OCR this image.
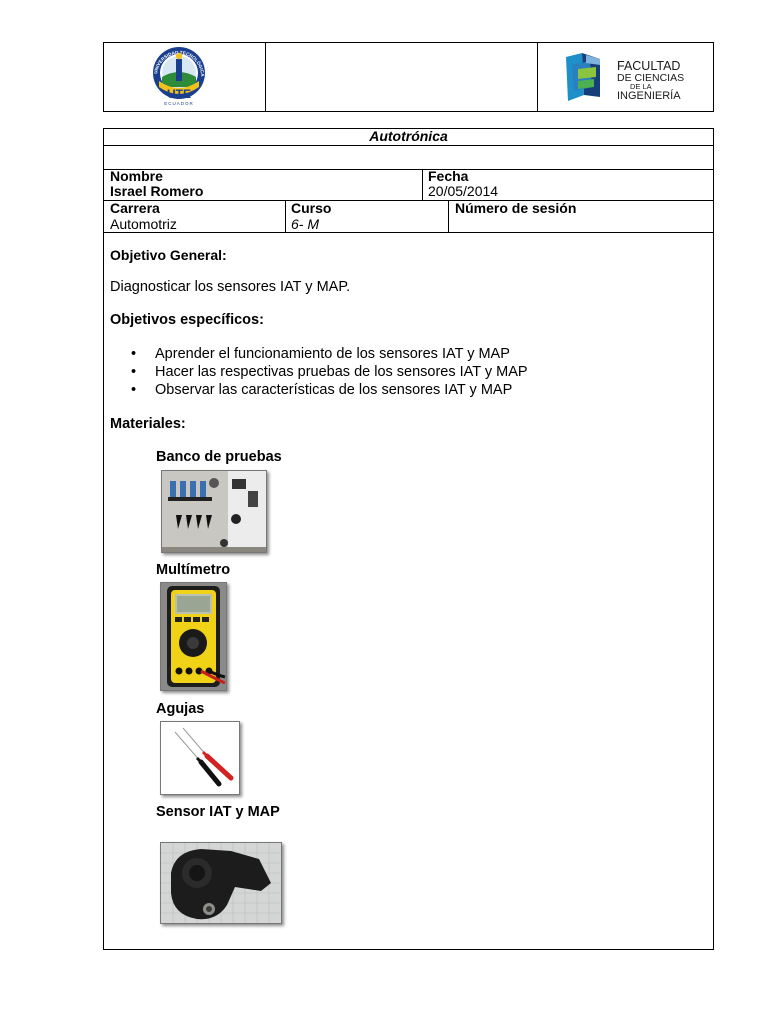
UNIVERSIDAD TECNOLÓGICA
UTE
ECUADOR
FACULTAD
DE CIENCIAS
DE LA
INGENIERÍA
Autotrónica
Nombre
Israel Romero
Fecha
20/05/2014
Carrera
Automotriz
Curso
6- M
Número de sesión
Objetivo General:
Diagnosticar los sensores IAT y MAP.
Objetivos específicos:
• Aprender el funcionamiento de los sensores IAT y MAP
• Hacer las respectivas pruebas de los sensores IAT y MAP
• Observar las características de los sensores IAT y MAP
Materiales:
Banco de pruebas
Multímetro
Agujas
Sensor IAT y MAP
